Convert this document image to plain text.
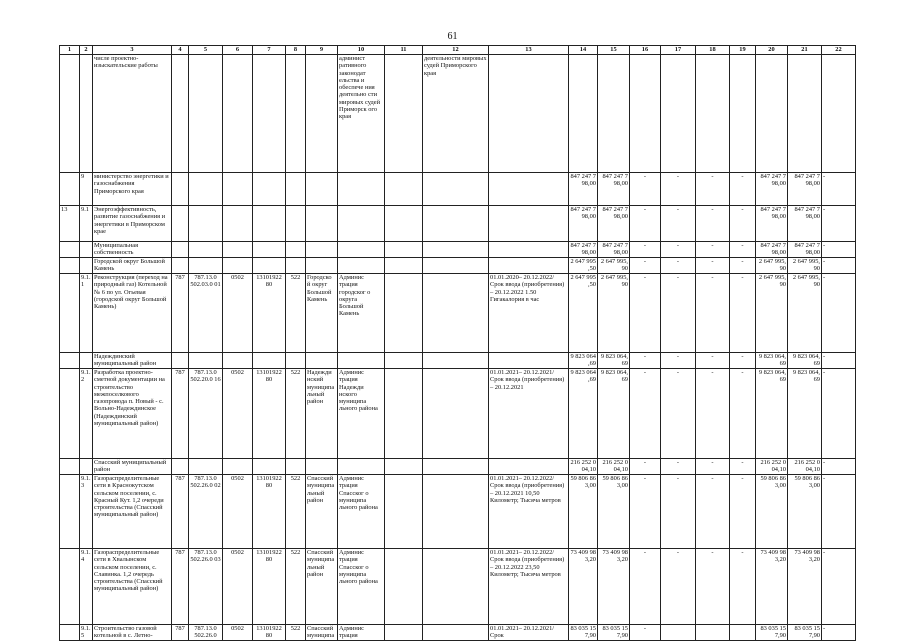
61
1	2	3	4	5	6	7	8	9	10	11	12	13	14	15	16	17	18	19	20	21	22
		числе проектно-изыскательские работы							админист ративного законодат ельства и обеспече ния деятельно сти мировых судей Приморск ого края		деятельности мировых судей Приморского края										
	9	министерство энергетики и газоснабжения Приморского края											847 247 7 98,00	847 247 7 98,00	-	-	-	-	847 247 7 98,00	847 247 7 98,00	-
13	9.1	Энергоэффективность, развитие газоснабжения и энергетики в Приморском крае											847 247 7 98,00	847 247 7 98,00	-	-	-	-	847 247 7 98,00	847 247 7 98,00	-
		Муниципальная собственность											847 247 7 98,00	847 247 7 98,00	-	-	-	-	847 247 7 98,00	847 247 7 98,00	-
		Городской округ Большой Камень											2 647 995 ,50	2 647 995, 90	-	-	-	-	2 647 995, 90	2 647 995, 90	-
	9.1.1	Реконструкция (переход на природный газ) Котельной № 6 по ул. Огьевая (городской округ Большой Камень)	787	787.13.0 502.03.0 01	0502	13101922 80	522	Городско й округ Большой Камень	Админис трация городског о округа Большой Камень			01.01.2020– 20.12.2022/ Срок ввода (приобретения) – 20.12.2022 1.50 Гигакалория в час	2 647 995 ,50	2 647 995, 90	-	-	-	-	2 647 995, 90	2 647 995, 90	-
		Надеждинский муниципальный район											9 823 064 ,69	9 823 064, 69	-	-	-	-	9 823 064, 69	9 823 064, 69	-
	9.1.2	Разработка проектно-сметной документации на строительство межпоселкового газопровода п. Новый - с. Вольно-Надеждинское (Надеждинский муниципальный район)	787	787.13.0 502.20.0 16	0502	13101922 80	522	Надежди нский муниципа льный район	Админис трация Надежди нского муниципа льного района			01.01.2021– 20.12.2021/ Срок ввода (приобретения) – 20.12.2021	9 823 064 ,69	9 823 064, 69	-	-	-	-	9 823 064, 69	9 823 064, 69	-
		Спасский муниципальный район											216 252 0 04,10	216 252 0 04,10	-	-	-	-	216 252 0 04,10	216 252 0 04,10	-
	9.1.3	Газораспределительные сети в Краснокутском сельском поселении, с. Красный Кут. 1,2 очереди строительства (Спасский муниципальный район)	787	787.13.0 502.26.0 02	0502	13101922 80	522	Спасский муниципа льный район	Админис трация Спасског о муниципа льного района			01.01.2021– 20.12.2022/ Срок ввода (приобретения) – 20.12.2021 10,50 Километр; Тысяча метров	59 806 86 3,00	59 806 86 3,00	-	-	-	-	59 806 86 3,00	59 806 86 3,00	-
	9.1.4	Газораспределительные сети в Хвалынском сельском поселении, с. Славинка. 1,2 очередь строительства (Спасский муниципальный район)	787	787.13.0 502.26.0 03	0502	13101922 80	522	Спасский муниципа льный район	Админис трация Спасског о муниципа льного района			01.01.2021– 20.12.2022/ Срок ввода (приобретения) – 20.12.2022 23,50 Километр; Тысяча метров	73 409 98 3,20	73 409 98 3,20	-	-	-	-	73 409 98 3,20	73 409 98 3,20	-
	9.1.5	Строительство газовой котельной в с. Летно-	787	787.13.0 502.26.0	0502	13101922 80	522	Спасский муниципа	Админис трация			01.01.2021– 20.12.2021/ Срок	83 035 15 7,90	83 035 15 7,90	-				83 035 15 7,90	83 035 15 7,90	-
